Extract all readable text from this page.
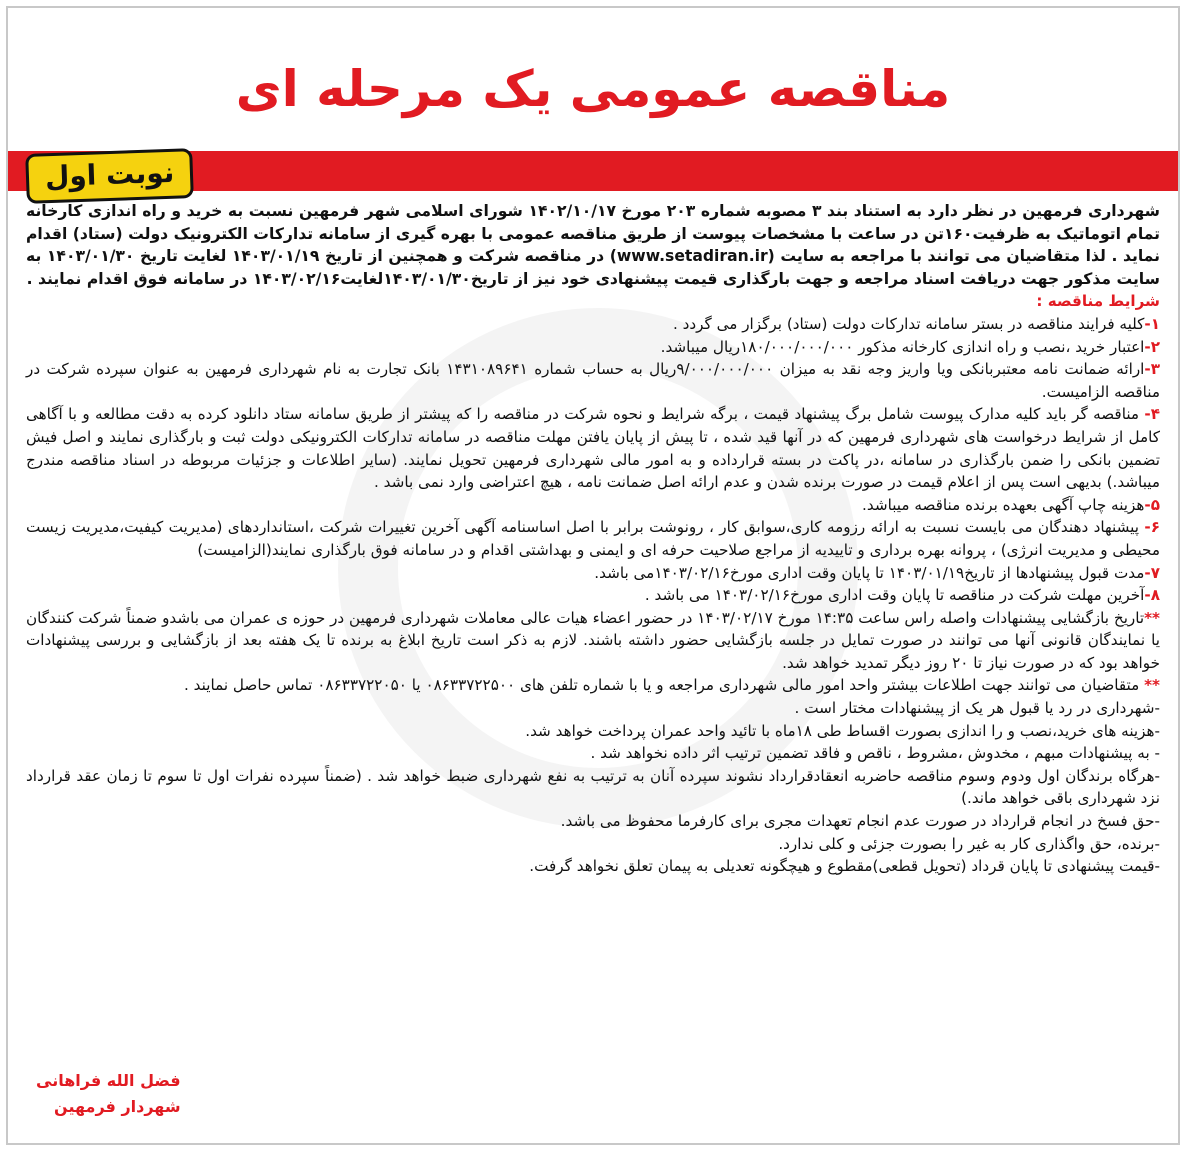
مناقصه عمومی یک مرحله ای
نوبت اول

شهرداری فرمهین در نظر دارد به استناد بند ۳ مصوبه شماره ۲۰۳ مورخ ۱۴۰۲/۱۰/۱۷ شورای اسلامی شهر فرمهین نسبت به خرید و راه اندازی کارخانه تمام اتوماتیک به ظرفیت۱۶۰تن در ساعت با مشخصات پیوست از طریق مناقصه عمومی با بهره گیری از سامانه تدارکات الکترونیک دولت (ستاد) اقدام نماید . لذا متقاضیان می توانند با مراجعه به سایت (www.setadiran.ir) در مناقصه شرکت و همچنین از تاریخ ۱۴۰۳/۰۱/۱۹ لغایت تاریخ ۱۴۰۳/۰۱/۳۰ به سایت مذکور جهت دریافت اسناد مراجعه و جهت بارگذاری قیمت پیشنهادی خود نیز از تاریخ۱۴۰۳/۰۱/۳۰لغایت۱۴۰۳/۰۲/۱۶ در سامانه فوق اقدام نمایند .

شرایط مناقصه :

۱-کلیه فرایند مناقصه در بستر سامانه تدارکات دولت (ستاد) برگزار می گردد .

۲-اعتبار خرید ،نصب و راه اندازی کارخانه مذکور ۱۸۰/۰۰۰/۰۰۰/۰۰۰ریال میباشد.

۳-ارائه ضمانت نامه معتبربانکی ویا واریز وجه نقد به میزان ۹/۰۰۰/۰۰۰/۰۰۰ریال به حساب شماره ۱۴۳۱۰۸۹۶۴۱ بانک تجارت به نام شهرداری فرمهین به عنوان سپرده شرکت در مناقصه الزامیست.

۴- مناقصه گر باید کلیه مدارک پیوست شامل برگ پیشنهاد قیمت ، برگه شرایط و نحوه شرکت در مناقصه را که پیشتر از طریق سامانه ستاد دانلود کرده به دقت مطالعه و با آگاهی کامل از شرایط درخواست های شهرداری فرمهین که در آنها قید شده ، تا پیش از پایان یافتن مهلت مناقصه در سامانه تدارکات الکترونیکی دولت ثبت و بارگذاری نمایند و اصل فیش تضمین بانکی را ضمن بارگذاری در سامانه ،در پاکت در بسته قرارداده و به امور مالی شهرداری فرمهین تحویل نمایند. (سایر اطلاعات و جزئیات مربوطه در اسناد مناقصه مندرج میباشد.) بدیهی است پس از اعلام قیمت در صورت برنده شدن و عدم ارائه اصل ضمانت نامه ، هیچ اعتراضی وارد نمی باشد .

۵-هزینه چاپ آگهی بعهده برنده مناقصه میباشد.

۶- پیشنهاد دهندگان می بایست نسبت به ارائه رزومه کاری،سوابق کار ، رونوشت برابر با اصل اساسنامه آگهی آخرین تغییرات شرکت ،استانداردهای (مدیریت کیفیت،مدیریت زیست محیطی و مدیریت انرژی) ، پروانه بهره برداری و تاییدیه از مراجع صلاحیت حرفه ای و ایمنی و بهداشتی اقدام و در سامانه فوق بارگذاری نمایند(الزامیست)

۷-مدت قبول پیشنهادها از تاریخ۱۴۰۳/۰۱/۱۹ تا پایان وقت اداری مورخ۱۴۰۳/۰۲/۱۶می باشد.

۸-آخرین مهلت شرکت در مناقصه تا پایان وقت اداری مورخ۱۴۰۳/۰۲/۱۶ می باشد .

**تاریخ بازگشایی پیشنهادات واصله راس ساعت ۱۴:۳۵ مورخ ۱۴۰۳/۰۲/۱۷ در حضور اعضاء هیات عالی معاملات شهرداری فرمهین در حوزه ی عمران می باشدو ضمناً شرکت کنندگان یا نمایندگان قانونی آنها می توانند در صورت تمایل در جلسه بازگشایی حضور داشته باشند. لازم به ذکر است تاریخ ابلاغ به برنده تا یک هفته بعد از بازگشایی و بررسی پیشنهادات خواهد بود که در صورت نیاز تا ۲۰ روز دیگر تمدید خواهد شد.

** متقاضیان می توانند جهت اطلاعات بیشتر واحد امور مالی شهرداری مراجعه و یا با شماره تلفن های ۰۸۶۳۳۷۲۲۵۰۰ یا ۰۸۶۳۳۷۲۲۰۵۰ تماس حاصل نمایند .

-شهرداری در رد یا قبول هر یک از پیشنهادات مختار است .

-هزینه های خرید،نصب و را اندازی بصورت اقساط طی ۱۸ماه با تائید واحد عمران پرداخت خواهد شد.

- به پیشنهادات مبهم ، مخدوش ،مشروط ، ناقص و فاقد تضمین ترتیب اثر داده نخواهد شد .

-هرگاه برندگان اول ودوم وسوم مناقصه حاضربه انعقادقرارداد نشوند سپرده آنان به ترتیب به نفع شهرداری ضبط خواهد شد . (ضمناً سپرده نفرات اول تا سوم تا زمان عقد قرارداد نزد شهرداری باقی خواهد ماند.)

-حق فسخ در انجام قرارداد در صورت عدم انجام تعهدات مجری برای کارفرما محفوظ می باشد.

-برنده، حق واگذاری کار به غیر را بصورت جزئی و کلی ندارد.

-قیمت پیشنهادی تا پایان قرداد (تحویل قطعی)مقطوع و هیچگونه تعدیلی به پیمان تعلق نخواهد گرفت.

فضل الله فراهانی
شهردار فرمهین
